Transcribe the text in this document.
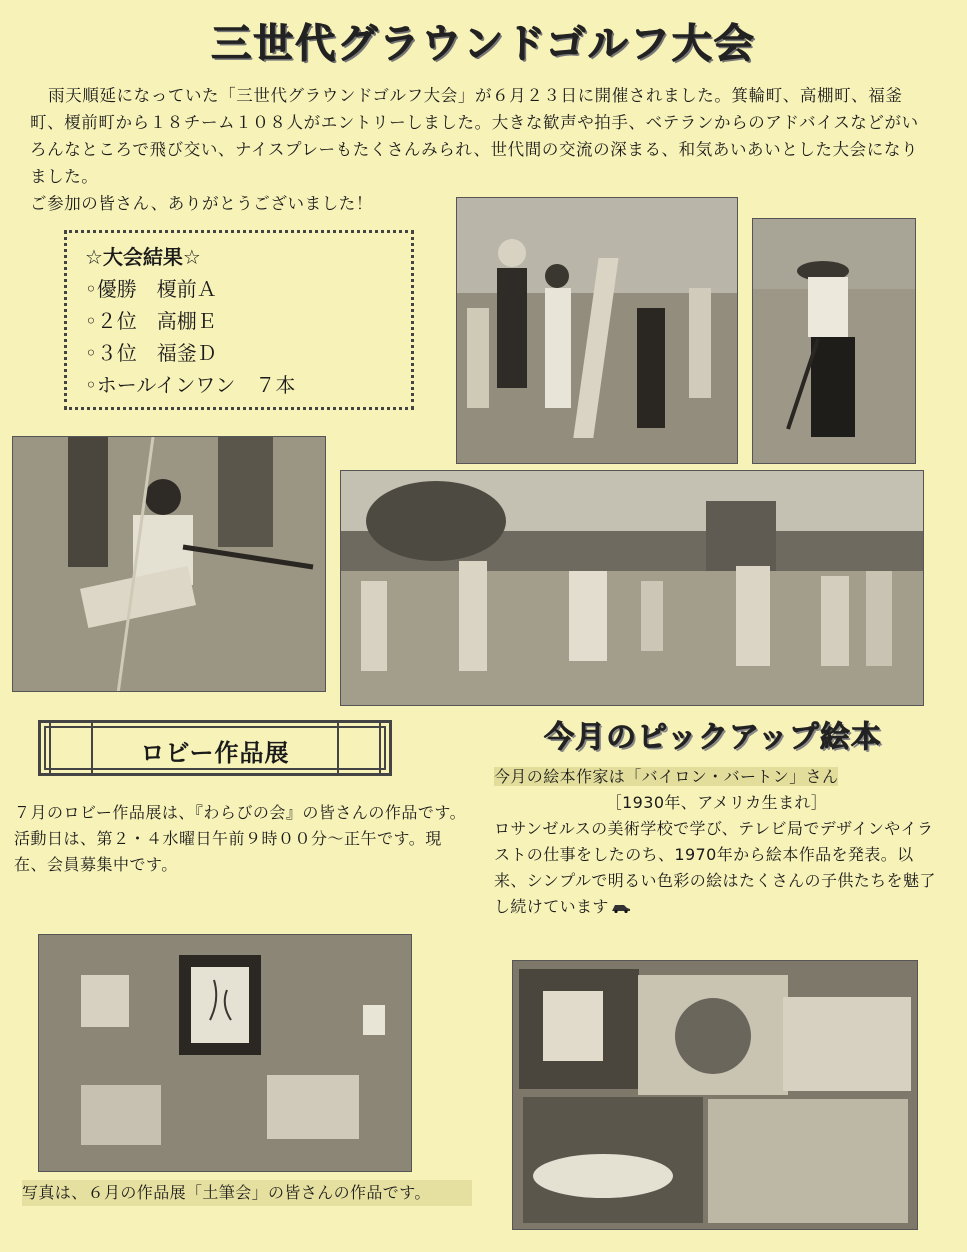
三世代グラウンドゴルフ大会

雨天順延になっていた「三世代グラウンドゴルフ大会」が６月２３日に開催されました。箕輪町、高棚町、福釜町、榎前町から１８チーム１０８人がエントリーしました。大きな歓声や拍手、ベテランからのアドバイスなどがいろんなところで飛び交い、ナイスプレーもたくさんみられ、世代間の交流の深まる、和気あいあいとした大会になりました。

ご参加の皆さん、ありがとうございました！

☆大会結果☆
◦優勝　榎前Ａ
◦２位　高棚Ｅ
◦３位　福釜Ｄ
◦ホールインワン　７本
ロビー作品展

７月のロビー作品展は、『わらびの会』の皆さんの作品です。

活動日は、第２・４水曜日午前９時００分～正午です。現在、会員募集中です。

写真は、６月の作品展「土筆会」の皆さんの作品です。
今月のピックアップ絵本

今月の絵本作家は「バイロン・バートン」さん

［1930年、アメリカ生まれ］

ロサンゼルスの美術学校で学び、テレビ局でデザインやイラストの仕事をしたのち、1970年から絵本作品を発表。以来、シンプルで明るい色彩の絵はたくさんの子供たちを魅了し続けています
